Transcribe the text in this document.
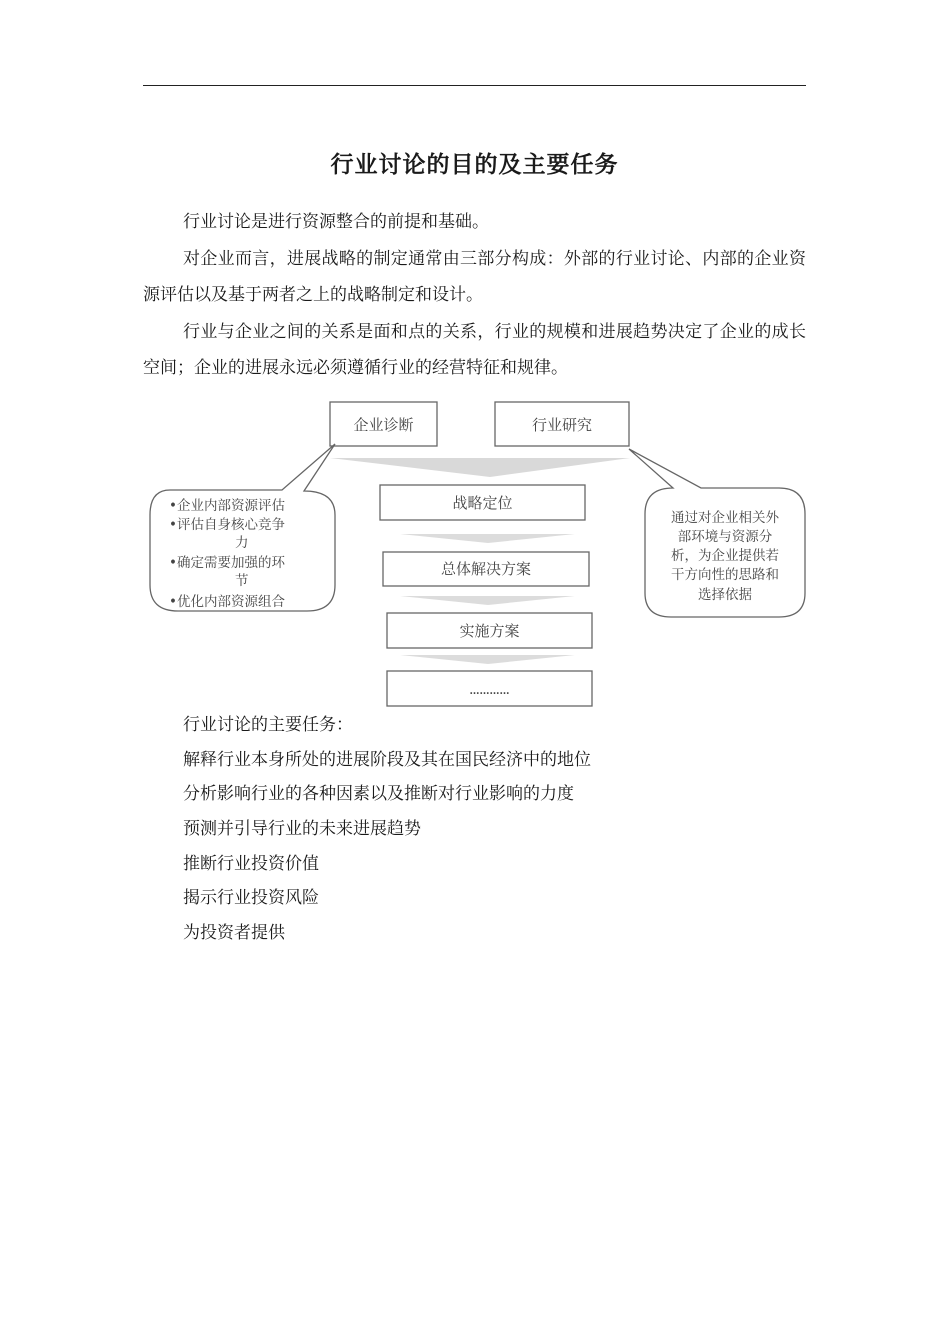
行业讨论的目的及主要任务
行业讨论是进行资源整合的前提和基础。
对企业而言，进展战略的制定通常由三部分构成：外部的行业讨论、内部的企业资源评估以及基于两者之上的战略制定和设计。
行业与企业之间的关系是面和点的关系，行业的规模和进展趋势决定了企业的成长空间；企业的进展永远必须遵循行业的经营特征和规律。
企业诊断	行业研究
战略定位
总体解决方案
实施方案
…………
•企业内部资源评估
•评估自身核心竞争
力
•确定需要加强的环
节
•优化内部资源组合
通过对企业相关外
部环境与资源分
析，为企业提供若
干方向性的思路和
选择依据
行业讨论的主要任务：
解释行业本身所处的进展阶段及其在国民经济中的地位
分析影响行业的各种因素以及推断对行业影响的力度
预测并引导行业的未来进展趋势
推断行业投资价值
揭示行业投资风险
为投资者提供
